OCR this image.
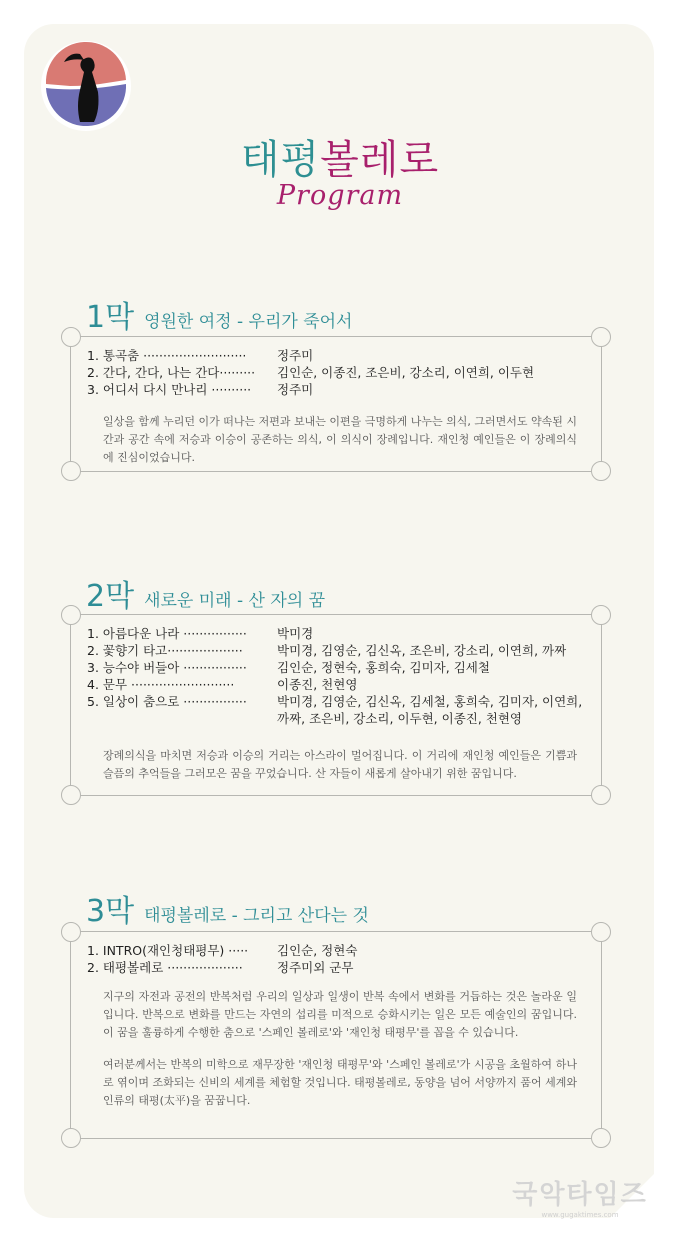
태평볼레로
Program
1막 영원한 여정 - 우리가 죽어서
1. 통곡춤 ·························· 정주미
2. 간다, 간다, 나는 간다········· 김인순, 이종진, 조은비, 강소리, 이연희, 이두현
3. 어디서 다시 만나리 ·········· 정주미

일상을 함께 누리던 이가 떠나는 저편과 보내는 이편을 극명하게 나누는 의식, 그러면서도 약속된 시간과 공간 속에 저승과 이승이 공존하는 의식, 이 의식이 장례입니다. 재인청 예인들은 이 장례의식에 진심이었습니다.

2막 새로운 미래 - 산 자의 꿈
1. 아름다운 나라 ················ 박미경
2. 꽃향기 타고···················	박미경, 김영순, 김신옥, 조은비, 강소리, 이연희, 까짜
3. 능수야 버들아 ················ 김인순, 정현숙, 홍희숙, 김미자, 김세철
4. 문무 ··························	이종진, 천현영
5. 일상이 춤으로 ················ 박미경, 김영순, 김신옥, 김세철, 홍희숙, 김미자, 이연희,
까짜, 조은비, 강소리, 이두현, 이종진, 천현영

장례의식을 마치면 저승과 이승의 거리는 아스라이 멀어집니다. 이 거리에 재인청 예인들은 기쁨과 슬픔의 추억들을 그러모은 꿈을 꾸었습니다. 산 자들이 새롭게 살아내기 위한 꿈입니다.

3막 태평볼레로 - 그리고 산다는 것
1. INTRO(재인청태평무) ····· 김인순, 정현숙
2. 태평볼레로 ···················	정주미외 군무

지구의 자전과 공전의 반복처럼 우리의 일상과 일생이 반복 속에서 변화를 거듭하는 것은 놀라운 일입니다. 반복으로 변화를 만드는 자연의 섭리를 미적으로 승화시키는 일은 모든 예술인의 꿈입니다. 이 꿈을 훌륭하게 수행한 춤으로 '스페인 볼레로'와 '재인청 태평무'를 꼽을 수 있습니다.

여러분께서는 반복의 미학으로 재무장한 '재인청 태평무'와 '스페인 볼레로'가 시공을 초월하여 하나로 엮이며 조화되는 신비의 세계를 체험할 것입니다. 태평볼레로, 동양을 넘어 서양까지 품어 세계와 인류의 태평(太平)을 꿈꿉니다.

국악타임즈
www.gugaktimes.com
